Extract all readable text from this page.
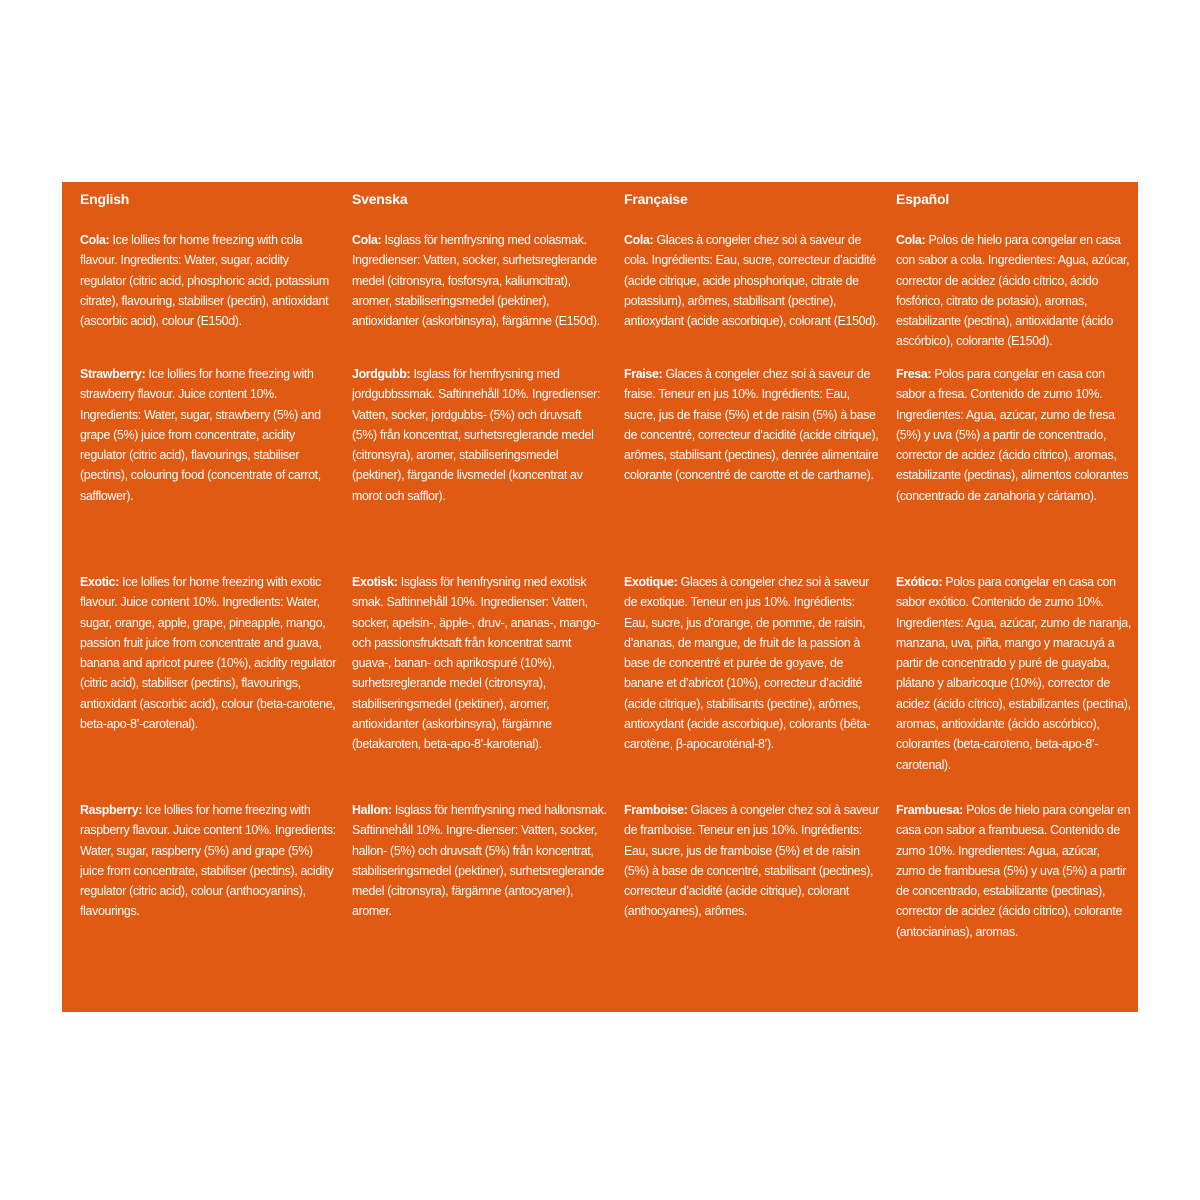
English

Cola: Ice lollies for home freezing with cola flavour. Ingredients: Water, sugar, acidity regulator (citric acid, phosphoric acid, potassium citrate), flavouring, stabiliser (pectin), antioxidant (ascorbic acid), colour (E150d).

Strawberry: Ice lollies for home freezing with strawberry flavour. Juice content 10%. Ingredients: Water, sugar, strawberry (5%) and grape (5%) juice from concentrate, acidity regulator (citric acid), flavourings, stabiliser (pectins), colouring food (concentrate of carrot, safflower).

Exotic: Ice lollies for home freezing with exotic flavour. Juice content 10%. Ingredients: Water, sugar, orange, apple, grape, pineapple, mango, passion fruit juice from concentrate and guava, banana and apricot puree (10%), acidity regulator (citric acid), stabiliser (pectins), flavourings, antioxidant (ascorbic acid), colour (beta-carotene, beta-apo-8’-carotenal).

Raspberry: Ice lollies for home freezing with raspberry flavour. Juice content 10%. Ingredients: Water, sugar, raspberry (5%) and grape (5%) juice from concentrate, stabiliser (pectins), acidity regulator (citric acid), colour (anthocyanins), flavourings.

Svenska

Cola: Isglass för hemfrysning med colasmak. Ingredienser: Vatten, socker, surhetsreglerande medel (citronsyra, fosforsyra, kaliumcitrat), aromer, stabiliseringsmedel (pektiner), antioxidanter (askorbinsyra), färgämne (E150d).

Jordgubb: Isglass för hemfrysning med jordgubbssmak. Saftinnehåll 10%. Ingredienser: Vatten, socker, jordgubbs- (5%) och druvsaft (5%) från koncentrat, surhetsreglerande medel (citronsyra), aromer, stabiliseringsmedel (pektiner), färgande livsmedel (koncentrat av morot och safflor).

Exotisk: Isglass för hemfrysning med exotisk smak. Saftinnehåll 10%. Ingredienser: Vatten, socker, apelsin-, äpple-, druv-, ananas-, mango- och passionsfruktsaft från koncentrat samt guava-, banan- och aprikospuré (10%), surhetsreglerande medel (citronsyra), stabiliseringsmedel (pektiner), aromer, antioxidanter (askorbinsyra), färgämne (betakaroten, beta-apo-8’-karotenal).

Hallon: Isglass för hemfrysning med hallonsmak. Saftinnehåll 10%. Ingre-dienser: Vatten, socker, hallon- (5%) och druvsaft (5%) från koncentrat, stabiliseringsmedel (pektiner), surhetsreglerande medel (citronsyra), färgämne (antocyaner), aromer.

Française

Cola: Glaces à congeler chez soi à saveur de cola. Ingrédients: Eau, sucre, correcteur d’acidité (acide citrique, acide phosphorique, citrate de potassium), arômes, stabilisant (pectine), antioxydant (acide ascorbique), colorant (E150d).

Fraise: Glaces à congeler chez soi à saveur de fraise. Teneur en jus 10%. Ingrédients: Eau, sucre, jus de fraise (5%) et de raisin (5%) à base de concentré, correcteur d’acidité (acide citrique), arômes, stabilisant (pectines), denrée alimentaire colorante (concentré de carotte et de carthame).

Exotique: Glaces à congeler chez soi à saveur de exotique. Teneur en jus 10%. Ingrédients: Eau, sucre, jus d’orange, de pomme, de raisin, d’ananas, de mangue, de fruit de la passion à base de concentré et purée de goyave, de banane et d’abricot (10%), correcteur d’acidité (acide citrique), stabilisants (pectine), arômes, antioxydant (acide ascorbique), colorants (bêta-carotène, β-apocaroténal-8’).

Framboise: Glaces à congeler chez soi à saveur de framboise. Teneur en jus 10%. Ingrédients: Eau, sucre, jus de framboise (5%) et de raisin (5%) à base de concentré, stabilisant (pectines), correcteur d’acidité (acide citrique), colorant (anthocyanes), arômes.

Español

Cola: Polos de hielo para congelar en casa con sabor a cola. Ingredientes: Agua, azúcar, corrector de acidez (ácido cítrico, ácido fosfórico, citrato de potasio), aromas, estabilizante (pectina), antioxidante (ácido ascórbico), colorante (E150d).

Fresa: Polos para congelar en casa con sabor a fresa. Contenido de zumo 10%. Ingredientes: Agua, azúcar, zumo de fresa (5%) y uva (5%) a partir de concentrado, corrector de acidez (ácido cítrico), aromas, estabilizante (pectinas), alimentos colorantes (concentrado de zanahoria y cártamo).

Exótico: Polos para congelar en casa con sabor exótico. Contenido de zumo 10%. Ingredientes: Agua, azúcar, zumo de naranja, manzana, uva, piña, mango y maracuyá a partir de concentrado y puré de guayaba, plátano y albaricoque (10%), corrector de acidez (ácido cítrico), estabilizantes (pectina), aromas, antioxidante (ácido ascórbico), colorantes (beta-caroteno, beta-apo-8’-carotenal).

Frambuesa: Polos de hielo para congelar en casa con sabor a frambuesa. Contenido de zumo 10%. Ingredientes: Agua, azúcar, zumo de frambuesa (5%) y uva (5%) a partir de concentrado, estabilizante (pectinas), corrector de acidez (ácido cítrico), colorante (antocianinas), aromas.
